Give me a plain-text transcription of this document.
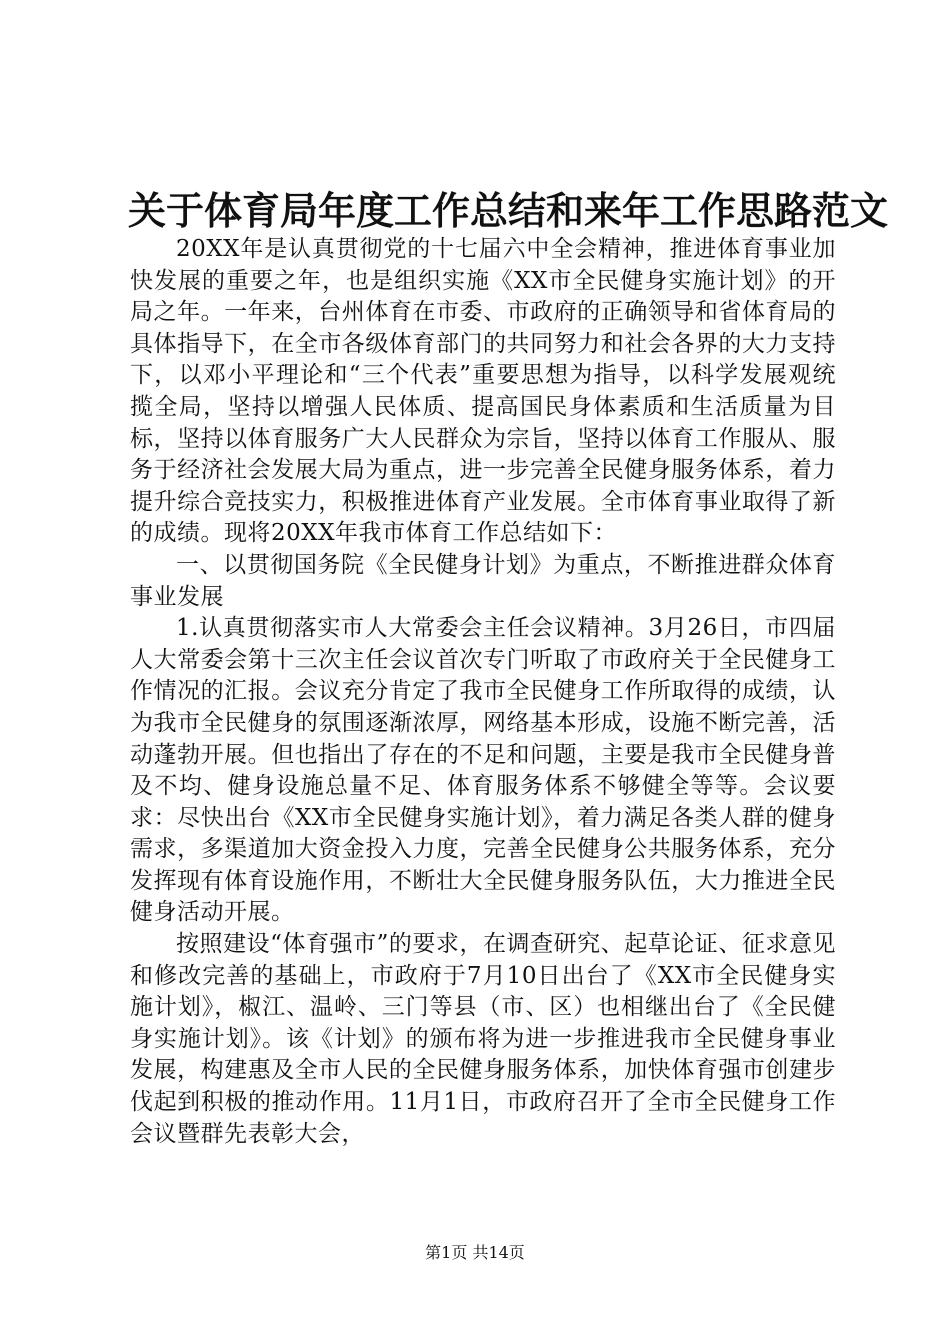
关于体育局年度工作总结和来年工作思路范文

20XX年是认真贯彻党的十七届六中全会精神，推进体育事业加快发展的重要之年，也是组织实施《XX市全民健身实施计划》的开局之年。一年来，台州体育在市委、市政府的正确领导和省体育局的具体指导下，在全市各级体育部门的共同努力和社会各界的大力支持下，以邓小平理论和“三个代表”重要思想为指导，以科学发展观统揽全局，坚持以增强人民体质、提高国民身体素质和生活质量为目标，坚持以体育服务广大人民群众为宗旨，坚持以体育工作服从、服务于经济社会发展大局为重点，进一步完善全民健身服务体系，着力提升综合竞技实力，积极推进体育产业发展。全市体育事业取得了新的成绩。现将20XX年我市体育工作总结如下：

一、以贯彻国务院《全民健身计划》为重点，不断推进群众体育事业发展

1.认真贯彻落实市人大常委会主任会议精神。3月26日，市四届人大常委会第十三次主任会议首次专门听取了市政府关于全民健身工作情况的汇报。会议充分肯定了我市全民健身工作所取得的成绩，认为我市全民健身的氛围逐渐浓厚，网络基本形成，设施不断完善，活动蓬勃开展。但也指出了存在的不足和问题，主要是我市全民健身普及不均、健身设施总量不足、体育服务体系不够健全等等。会议要求：尽快出台《XX市全民健身实施计划》，着力满足各类人群的健身需求，多渠道加大资金投入力度，完善全民健身公共服务体系，充分发挥现有体育设施作用，不断壮大全民健身服务队伍，大力推进全民健身活动开展。

按照建设“体育强市”的要求，在调查研究、起草论证、征求意见和修改完善的基础上，市政府于7月10日出台了《XX市全民健身实施计划》，椒江、温岭、三门等县（市、区）也相继出台了《全民健身实施计划》。该《计划》的颁布将为进一步推进我市全民健身事业发展，构建惠及全市人民的全民健身服务体系，加快体育强市创建步伐起到积极的推动作用。11月1日，市政府召开了全市全民健身工作会议暨群先表彰大会，

第1页 共14页
